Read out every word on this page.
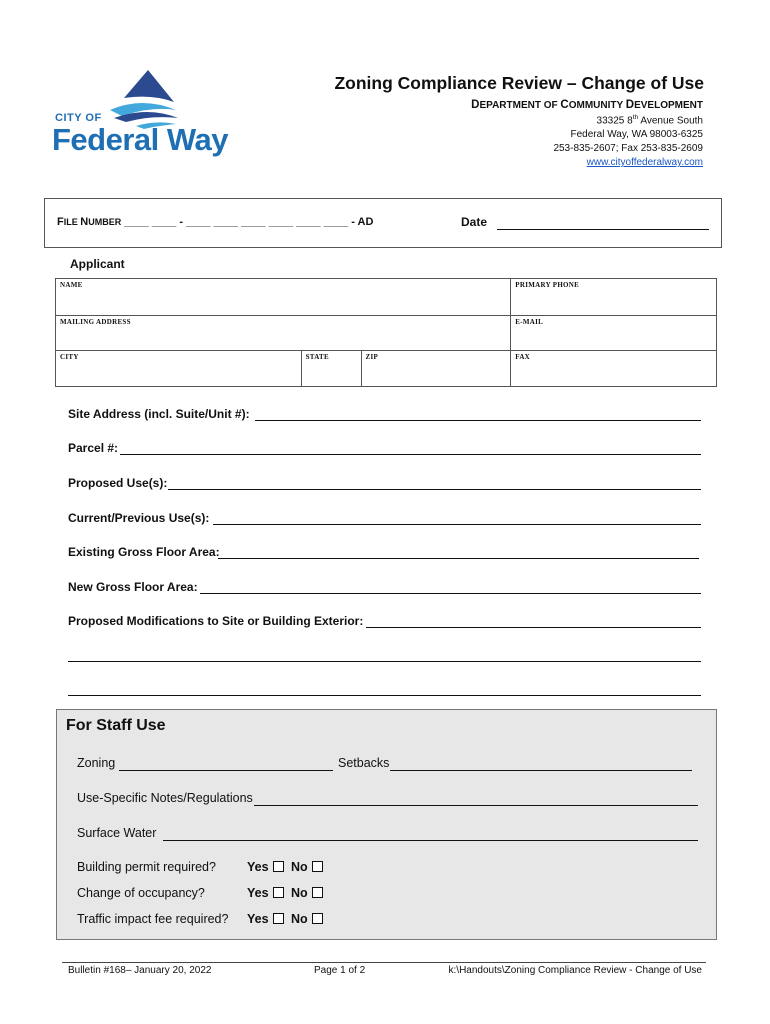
CITY OF
Federal Way
Zoning Compliance Review – Change of Use
DEPARTMENT OF COMMUNITY DEVELOPMENT
33325 8th Avenue South
Federal Way, WA 98003-6325
253-835-2607; Fax 253-835-2609
www.cityoffederalway.com
FILE NUMBER ____ ____ - ____ ____ ____ ____ ____ ____ - AD	Date
Applicant
NAME			PRIMARY PHONE
MAILING ADDRESS			E-MAIL
CITY	STATE	ZIP	FAX
Site Address (incl. Suite/Unit #):
Parcel #:
Proposed Use(s):
Current/Previous Use(s):
Existing Gross Floor Area:
New Gross Floor Area:
Proposed Modifications to Site or Building Exterior:
For Staff Use
Zoning	Setbacks
Use-Specific Notes/Regulations
Surface Water
Building permit required? Yes	No
Change of occupancy?	Yes	No
Traffic impact fee required? Yes	No
Bulletin #168– January 20, 2022	Page 1 of 2	k:\Handouts\Zoning Compliance Review - Change of Use
